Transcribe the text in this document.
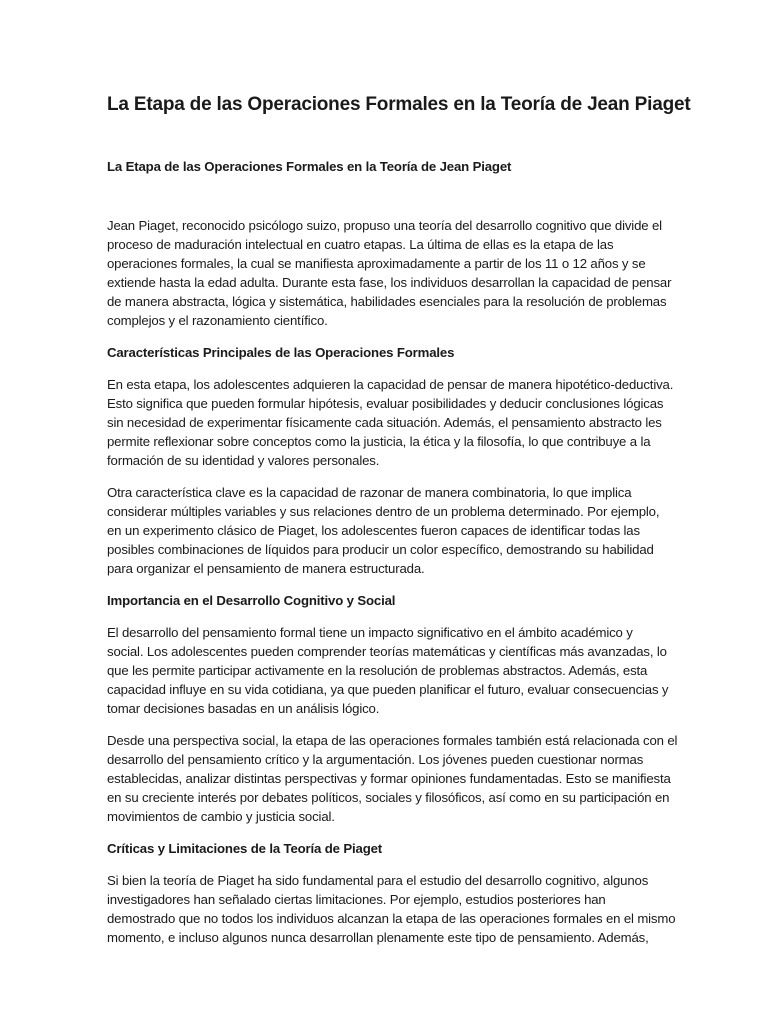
La Etapa de las Operaciones Formales en la Teoría de Jean Piaget
La Etapa de las Operaciones Formales en la Teoría de Jean Piaget

Jean Piaget, reconocido psicólogo suizo, propuso una teoría del desarrollo cognitivo que divide el
proceso de maduración intelectual en cuatro etapas. La última de ellas es la etapa de las
operaciones formales, la cual se manifiesta aproximadamente a partir de los 11 o 12 años y se
extiende hasta la edad adulta. Durante esta fase, los individuos desarrollan la capacidad de pensar
de manera abstracta, lógica y sistemática, habilidades esenciales para la resolución de problemas
complejos y el razonamiento científico.

Características Principales de las Operaciones Formales

En esta etapa, los adolescentes adquieren la capacidad de pensar de manera hipotético-deductiva.
Esto significa que pueden formular hipótesis, evaluar posibilidades y deducir conclusiones lógicas
sin necesidad de experimentar físicamente cada situación. Además, el pensamiento abstracto les
permite reflexionar sobre conceptos como la justicia, la ética y la filosofía, lo que contribuye a la
formación de su identidad y valores personales.

Otra característica clave es la capacidad de razonar de manera combinatoria, lo que implica
considerar múltiples variables y sus relaciones dentro de un problema determinado. Por ejemplo,
en un experimento clásico de Piaget, los adolescentes fueron capaces de identificar todas las
posibles combinaciones de líquidos para producir un color específico, demostrando su habilidad
para organizar el pensamiento de manera estructurada.

Importancia en el Desarrollo Cognitivo y Social

El desarrollo del pensamiento formal tiene un impacto significativo en el ámbito académico y
social. Los adolescentes pueden comprender teorías matemáticas y científicas más avanzadas, lo
que les permite participar activamente en la resolución de problemas abstractos. Además, esta
capacidad influye en su vida cotidiana, ya que pueden planificar el futuro, evaluar consecuencias y
tomar decisiones basadas en un análisis lógico.

Desde una perspectiva social, la etapa de las operaciones formales también está relacionada con el
desarrollo del pensamiento crítico y la argumentación. Los jóvenes pueden cuestionar normas
establecidas, analizar distintas perspectivas y formar opiniones fundamentadas. Esto se manifiesta
en su creciente interés por debates políticos, sociales y filosóficos, así como en su participación en
movimientos de cambio y justicia social.

Críticas y Limitaciones de la Teoría de Piaget

Si bien la teoría de Piaget ha sido fundamental para el estudio del desarrollo cognitivo, algunos
investigadores han señalado ciertas limitaciones. Por ejemplo, estudios posteriores han
demostrado que no todos los individuos alcanzan la etapa de las operaciones formales en el mismo
momento, e incluso algunos nunca desarrollan plenamente este tipo de pensamiento. Además,
